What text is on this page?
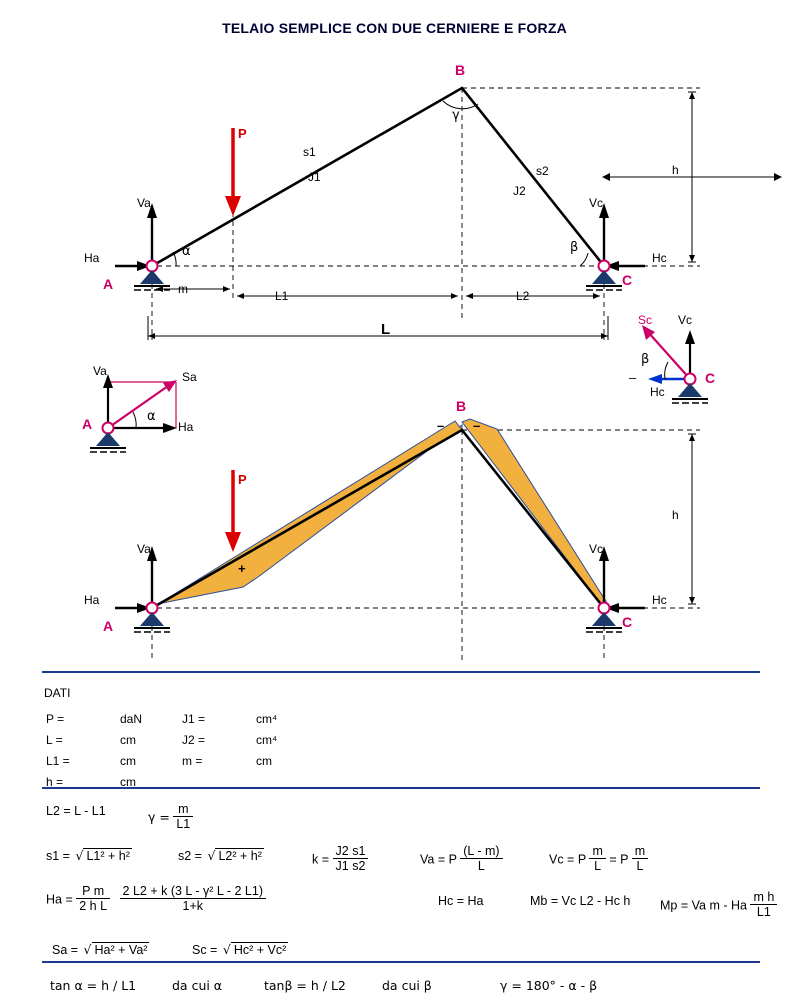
TELAIO SEMPLICE CON DUE CERNIERE E FORZA
B
A	C
P
Va	Vc
Ha	Hc
α	β
γ
s1
J1	s2
J2
m	L1	L2
L
h
Va
Ha
Sa
α
A
Sc Vc
Hc
β
–	C
B
A	C
P
Va	Vc
Ha	Hc
h
+
– –
DATI
P =	daN	J1 =	cm⁴
L =	cm	J2 =	cm⁴
L1 =	cm	m =	cm
h =	cm		
L2 = L - L1	$\gamma = \frac{m}{L1}$
s1 = √ L1² + h²	s2 = √ L2² + h²	$k = \frac{J2 s1}{J1 s2}$	Va = P $\frac{(L - m)}{L}$	Vc = P $\frac{m}{L} = P \frac{m}{L}$
$Ha = \frac{\text{P m}}{\text{2 h L}}$
$\frac{\text{2 L2 + k (3 L - γ² L - 2 L1)}}{1+k}$	Hc = Ha	Mb = Vc L2 - Hc h Mp = Va m - Ha $\frac{\text{m h}}{L1}$
Sa = √ Ha² + Va²	Sc = √ Hc² + Vc²
tan α = h / L1	da cui α	tanβ = h / L2	da cui β	γ = 180° - α - β
